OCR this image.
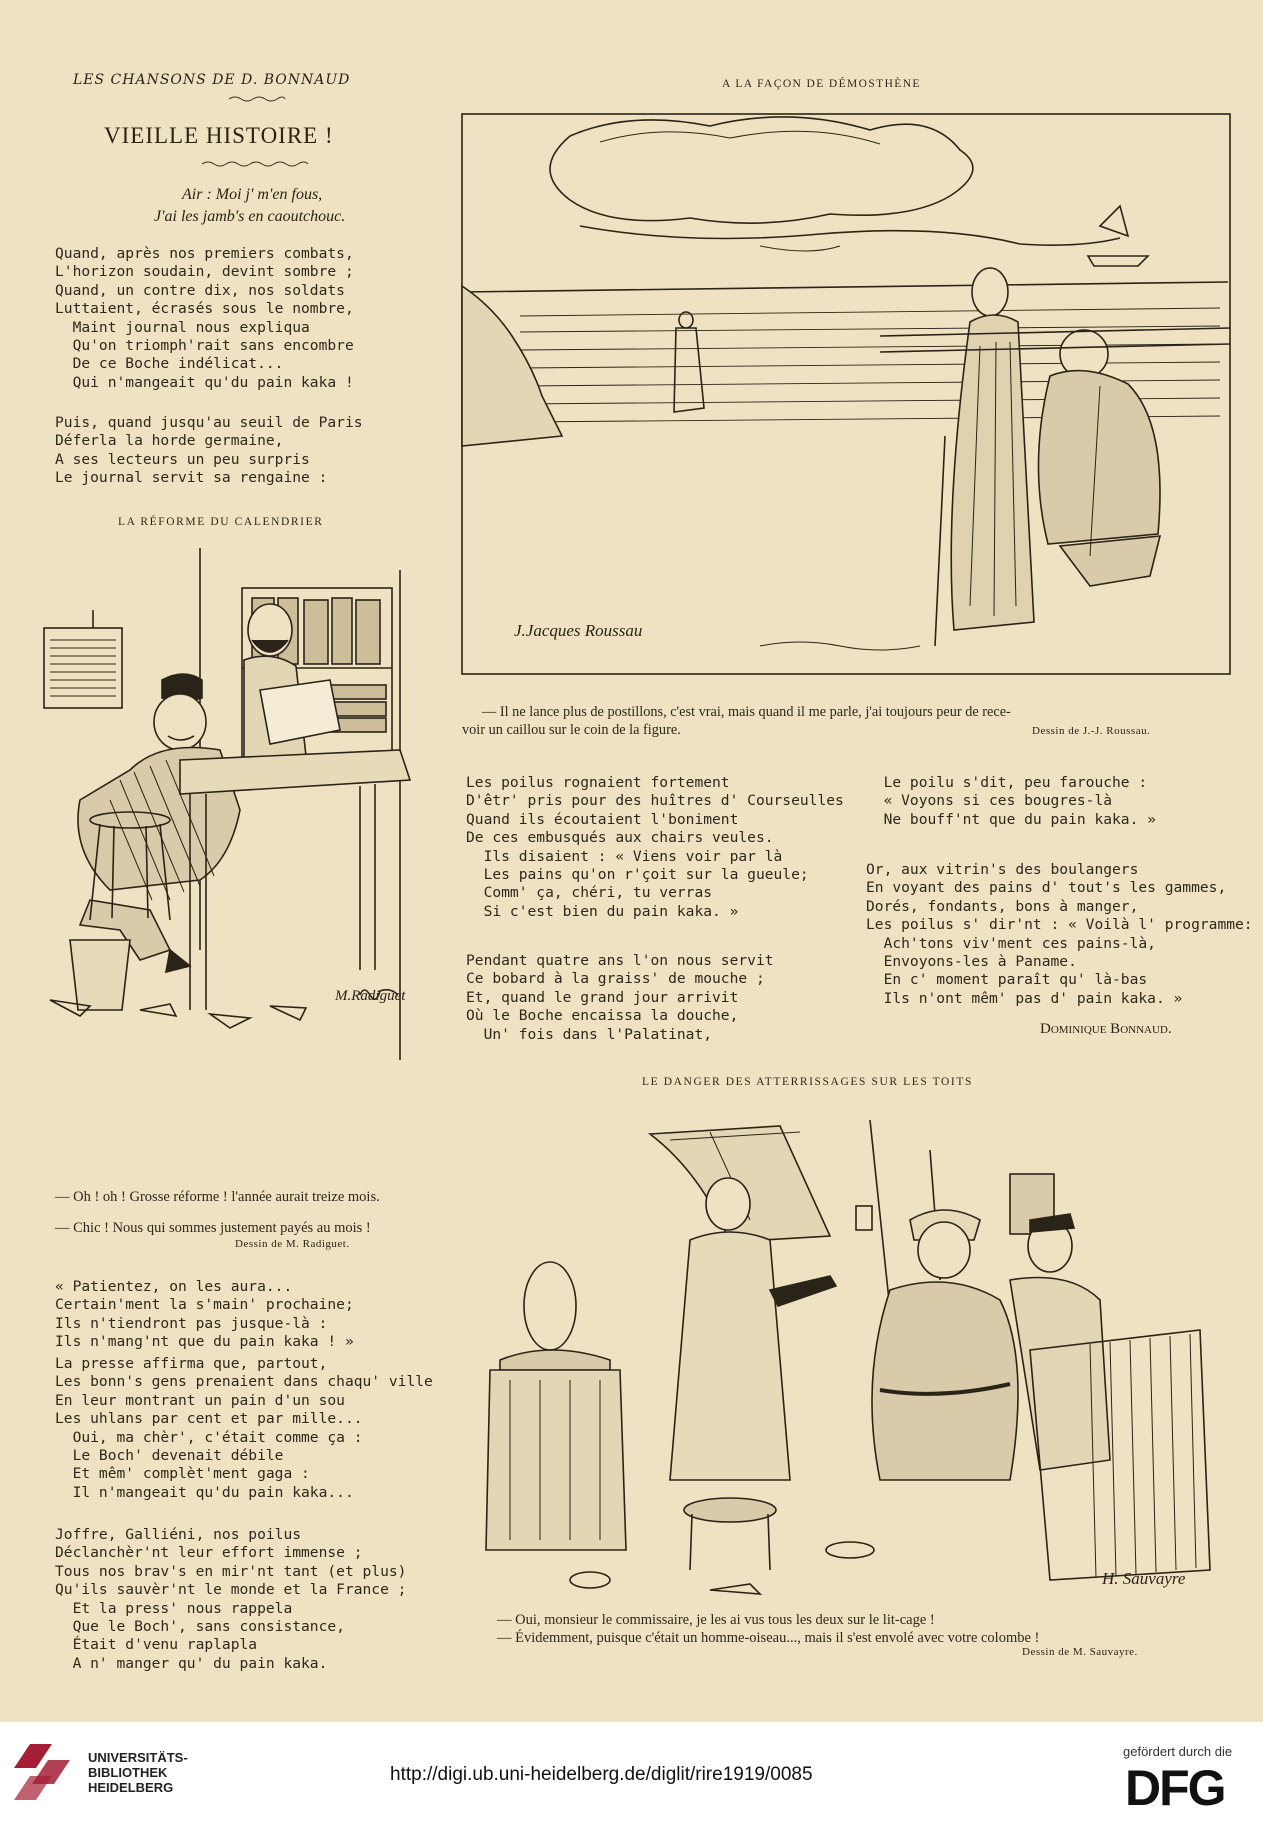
LES CHANSONS DE D. BONNAUD	A LA FAÇON DE DÉMOSTHÈNE
VIEILLE HISTOIRE !
Air : Moi j' m'en fous,
J'ai les jamb's en caoutchouc.
Quand, après nos premiers combats,
L'horizon soudain, devint sombre ;
Quand, un contre dix, nos soldats
Luttaient, écrasés sous le nombre,
Maint journal nous expliqua
Qu'on triomph'rait sans encombre
De ce Boche indélicat...
Qui n'mangeait qu'du pain kaka !
Puis, quand jusqu'au seuil de Paris
Déferla la horde germaine,
A ses lecteurs un peu surpris
Le journal servit sa rengaine :
LA RÉFORME DU CALENDRIER
M.Radiguet
— Oh ! oh ! Grosse réforme ! l'année aurait treize mois.
— Chic ! Nous qui sommes justement payés au mois !
Dessin de M. Radiguet.
« Patientez, on les aura...
Certain'ment la s'main' prochaine;
Ils n'tiendront pas jusque-là :
Ils n'mang'nt que du pain kaka ! »
La presse affirma que, partout,
Les bonn's gens prenaient dans chaqu' ville
En leur montrant un pain d'un sou
Les uhlans par cent et par mille...
Oui, ma chèr', c'était comme ça :
Le Boch' devenait débile
Et mêm' complèt'ment gaga :
Il n'mangeait qu'du pain kaka...
Joffre, Galliéni, nos poilus
Déclanchèr'nt leur effort immense ;
Tous nos brav's en mir'nt tant (et plus)
Qu'ils sauvèr'nt le monde et la France ;
Et la press' nous rappela
Que le Boch', sans consistance,
Était d'venu raplapla
A n' manger qu' du pain kaka.
J.Jacques Roussau
— Il ne lance plus de postillons, c'est vrai, mais quand il me parle, j'ai toujours peur de rece-
voir un caillou sur le coin de la figure.	Dessin de J.-J. Roussau.
Les poilus rognaient fortement
D'êtr' pris pour des huîtres d' Courseulles
Quand ils écoutaient l'boniment
De ces embusqués aux chairs veules.
Ils disaient : « Viens voir par là
Les pains qu'on r'çoit sur la gueule;
Comm' ça, chéri, tu verras
Si c'est bien du pain kaka. »
Pendant quatre ans l'on nous servit
Ce bobard à la graiss' de mouche ;
Et, quand le grand jour arrivit
Où le Boche encaissa la douche,
Un' fois dans l'Palatinat,
Le poilu s'dit, peu farouche :
« Voyons si ces bougres-là
Ne bouff'nt que du pain kaka. »
Or, aux vitrin's des boulangers
En voyant des pains d' tout's les gammes,
Dorés, fondants, bons à manger,
Les poilus s' dir'nt : « Voilà l' programme:
Ach'tons viv'ment ces pains-là,
Envoyons-les à Paname.
En c' moment paraît qu' là-bas
Ils n'ont mêm' pas d' pain kaka. »
Dominique Bonnaud.
LE DANGER DES ATTERRISSAGES SUR LES TOITS
H. Sauvayre
— Oui, monsieur le commissaire, je les ai vus tous les deux sur le lit-cage !
— Évidemment, puisque c'était un homme-oiseau..., mais il s'est envolé avec votre colombe !
Dessin de M. Sauvayre.
UNIVERSITÄTS-
BIBLIOTHEK
HEIDELBERG
http://digi.ub.uni-heidelberg.de/diglit/rire1919/0085
gefördert durch die
DFG
